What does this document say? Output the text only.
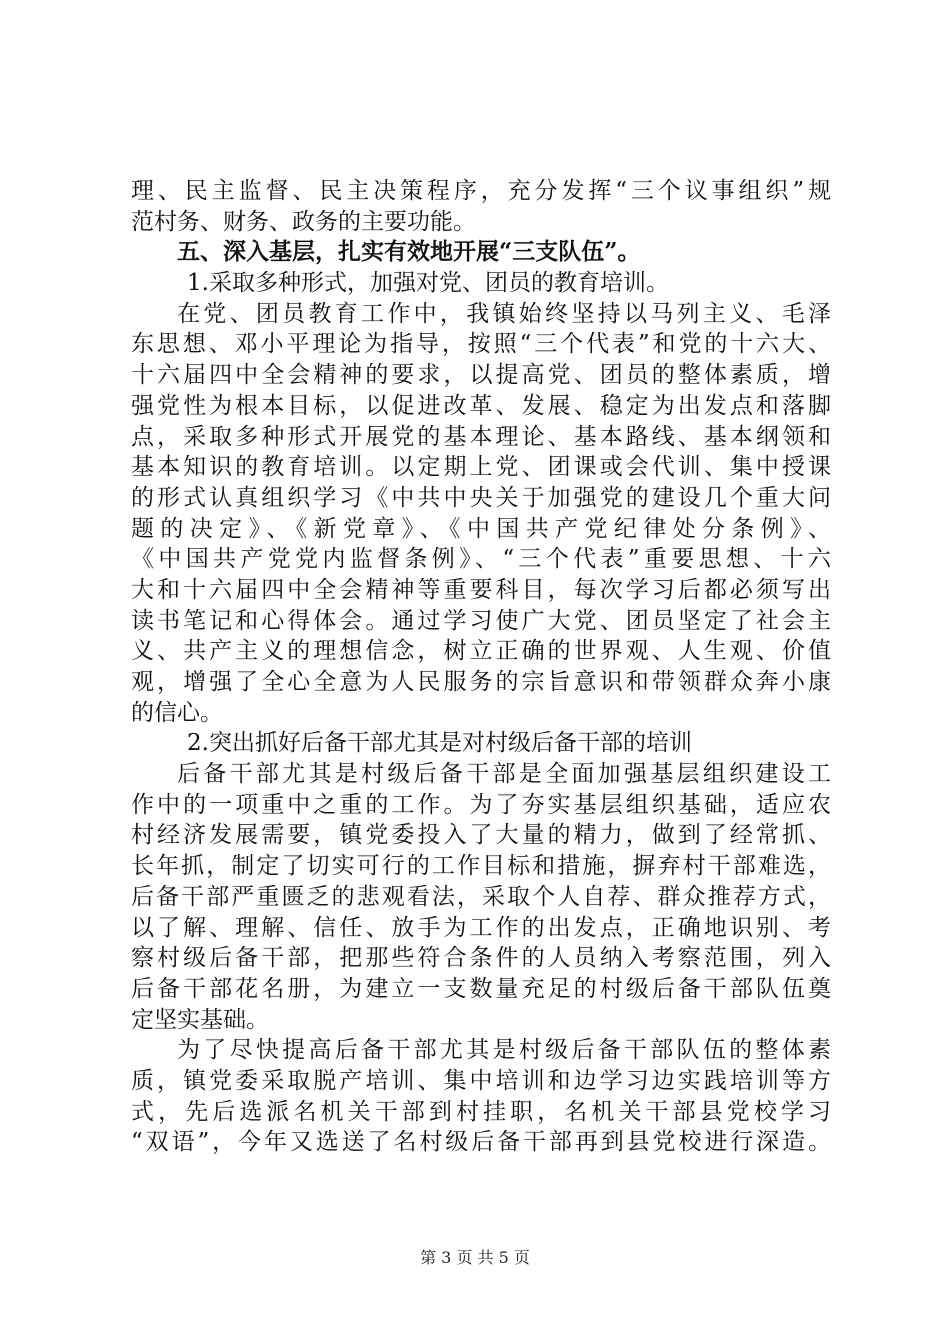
理、民主监督、民主决策程序，充分发挥“三个议事组织”规
范村务、财务、政务的主要功能。
五、深入基层，扎实有效地开展“三支队伍”。
1.采取多种形式，加强对党、团员的教育培训。
在党、团员教育工作中，我镇始终坚持以马列主义、毛泽
东思想、邓小平理论为指导，按照“三个代表”和党的十六大、
十六届四中全会精神的要求，以提高党、团员的整体素质，增
强党性为根本目标，以促进改革、发展、稳定为出发点和落脚
点，采取多种形式开展党的基本理论、基本路线、基本纲领和
基本知识的教育培训。以定期上党、团课或会代训、集中授课
的形式认真组织学习《中共中央关于加强党的建设几个重大问
题的决定》、《新党章》、《中国共产党纪律处分条例》、
《中国共产党党内监督条例》、“三个代表”重要思想、十六
大和十六届四中全会精神等重要科目，每次学习后都必须写出
读书笔记和心得体会。通过学习使广大党、团员坚定了社会主
义、共产主义的理想信念，树立正确的世界观、人生观、价值
观，增强了全心全意为人民服务的宗旨意识和带领群众奔小康
的信心。
2.突出抓好后备干部尤其是对村级后备干部的培训
后备干部尤其是村级后备干部是全面加强基层组织建设工
作中的一项重中之重的工作。为了夯实基层组织基础，适应农
村经济发展需要，镇党委投入了大量的精力，做到了经常抓、
长年抓，制定了切实可行的工作目标和措施，摒弃村干部难选，
后备干部严重匮乏的悲观看法，采取个人自荐、群众推荐方式，
以了解、理解、信任、放手为工作的出发点，正确地识别、考
察村级后备干部，把那些符合条件的人员纳入考察范围，列入
后备干部花名册，为建立一支数量充足的村级后备干部队伍奠
定坚实基础。
为了尽快提高后备干部尤其是村级后备干部队伍的整体素
质，镇党委采取脱产培训、集中培训和边学习边实践培训等方
式，先后选派名机关干部到村挂职，名机关干部县党校学习
“双语”，今年又选送了名村级后备干部再到县党校进行深造。
第 3 页 共 5 页
